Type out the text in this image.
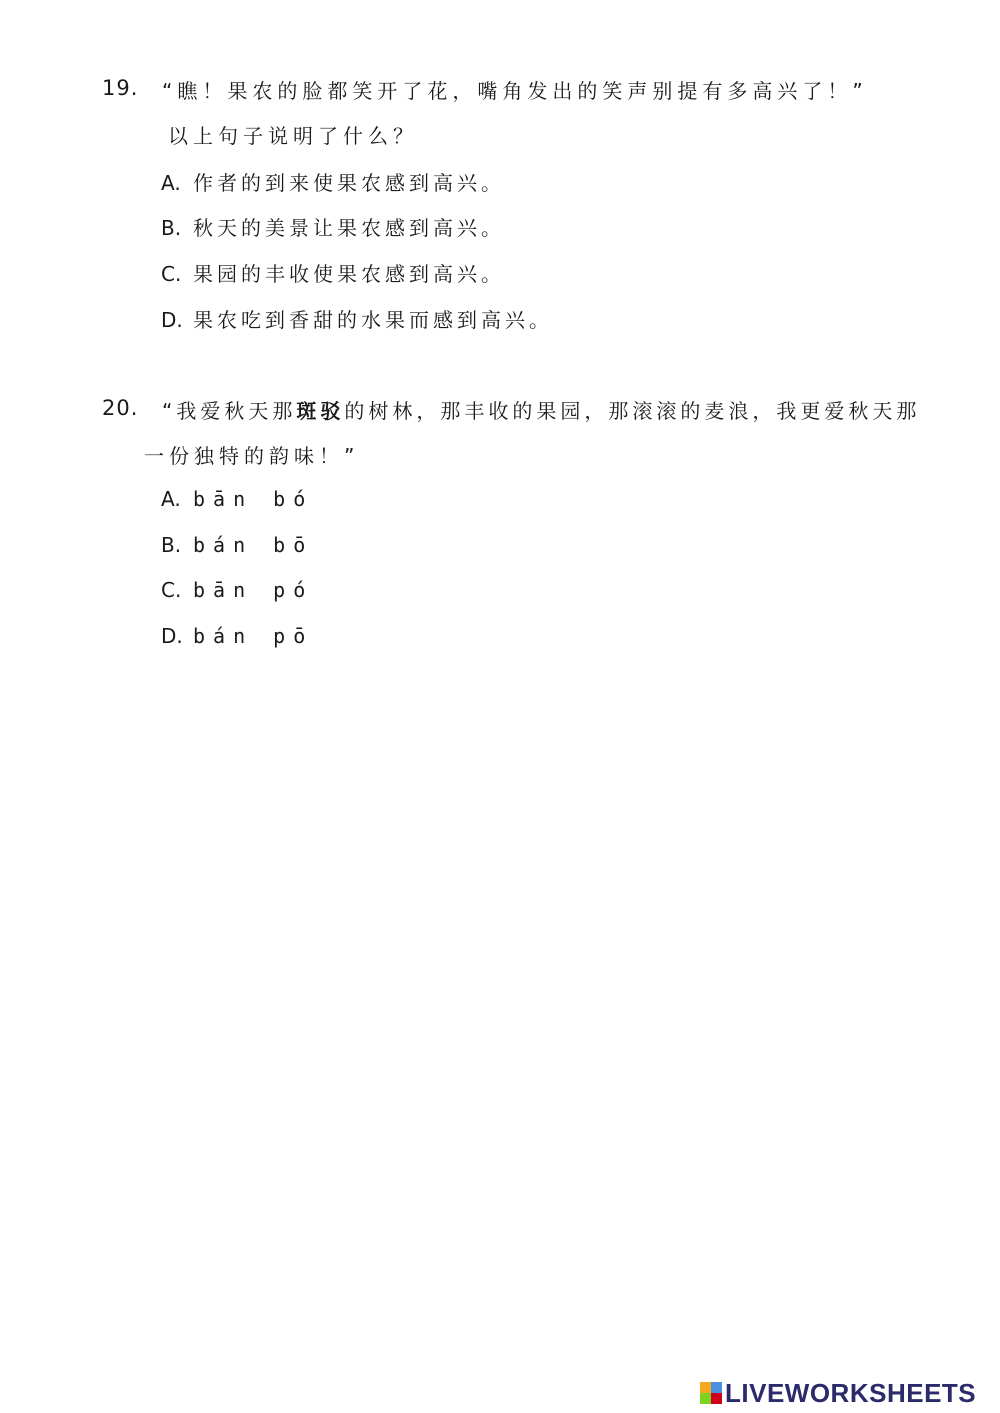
19. “瞧！果农的脸都笑开了花，嘴角发出的笑声别提有多高兴了！”
以上句子说明了什么？
A. 作者的到来使果农感到高兴。
B. 秋天的美景让果农感到高兴。
C. 果园的丰收使果农感到高兴。
D. 果农吃到香甜的水果而感到高兴。
20. “我爱秋天那斑驳的树林，那丰收的果园，那滚滚的麦浪，我更爱秋天那
一份独特的韵味！”
A. bān bó
B. bán bō
C. bān pó
D. bán pō
LIVEWORKSHEETS
